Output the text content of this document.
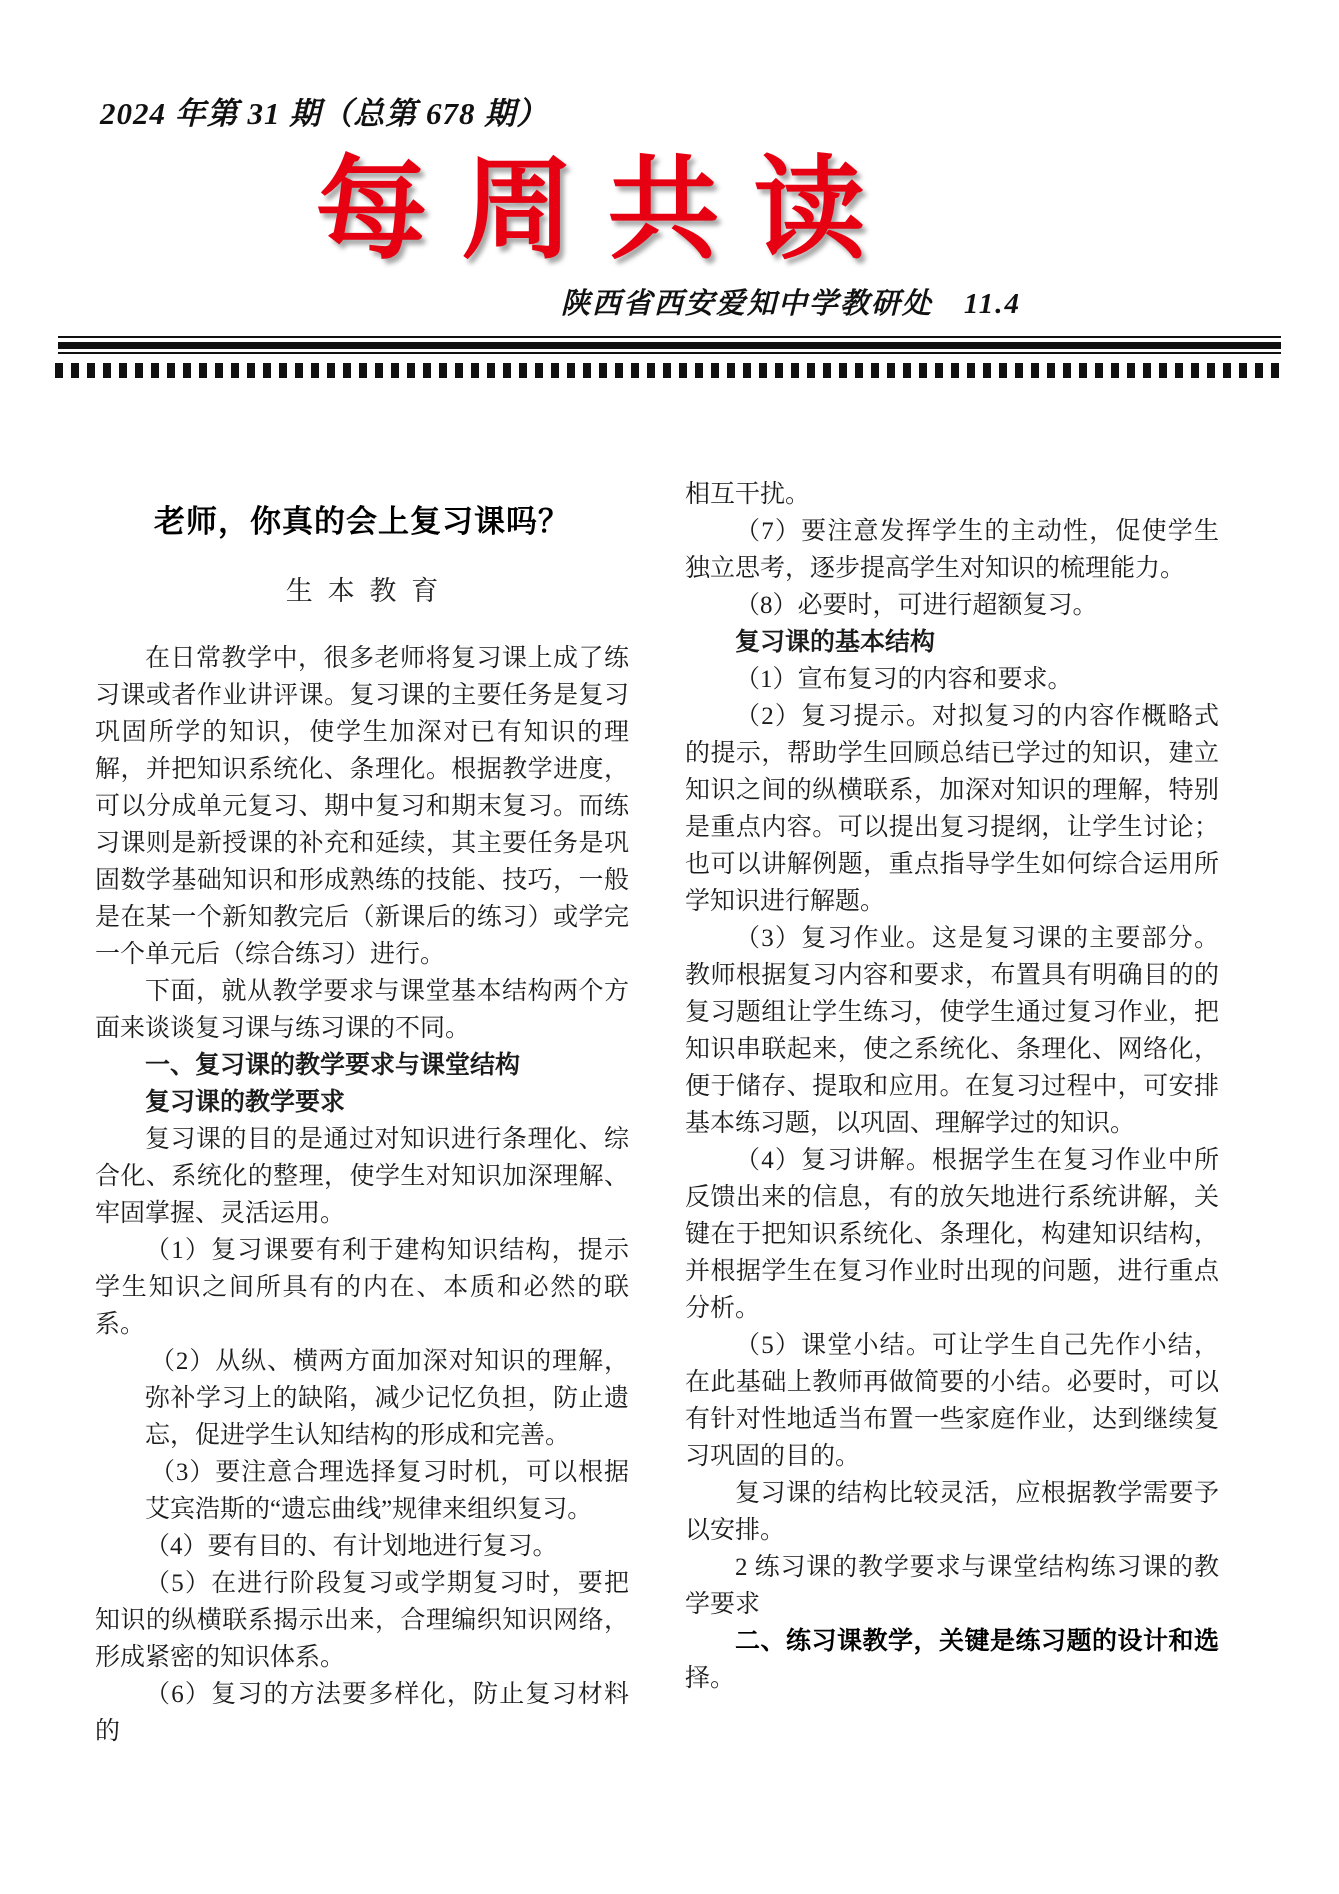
2024 年第 31 期（总第 678 期）
每周共读
陕西省西安爱知中学教研处　11.4
老师，你真的会上复习课吗？
生本教育

在日常教学中，很多老师将复习课上成了练习课或者作业讲评课。复习课的主要任务是复习巩固所学的知识，使学生加深对已有知识的理解，并把知识系统化、条理化。根据教学进度，可以分成单元复习、期中复习和期末复习。而练习课则是新授课的补充和延续，其主要任务是巩固数学基础知识和形成熟练的技能、技巧，一般是在某一个新知教完后（新课后的练习）或学完一个单元后（综合练习）进行。

下面，就从教学要求与课堂基本结构两个方面来谈谈复习课与练习课的不同。

一、复习课的教学要求与课堂结构

复习课的教学要求

复习课的目的是通过对知识进行条理化、综合化、系统化的整理，使学生对知识加深理解、牢固掌握、灵活运用。

（1）复习课要有利于建构知识结构，提示学生知识之间所具有的内在、本质和必然的联系。

（2）从纵、横两方面加深对知识的理解，弥补学习上的缺陷，减少记忆负担，防止遗忘，促进学生认知结构的形成和完善。

（3）要注意合理选择复习时机，可以根据艾宾浩斯的“遗忘曲线”规律来组织复习。

（4）要有目的、有计划地进行复习。

（5）在进行阶段复习或学期复习时，要把知识的纵横联系揭示出来，合理编织知识网络，形成紧密的知识体系。

（6）复习的方法要多样化，防止复习材料的

相互干扰。

（7）要注意发挥学生的主动性，促使学生独立思考，逐步提高学生对知识的梳理能力。

（8）必要时，可进行超额复习。

复习课的基本结构

（1）宣布复习的内容和要求。

（2）复习提示。对拟复习的内容作概略式的提示，帮助学生回顾总结已学过的知识，建立知识之间的纵横联系，加深对知识的理解，特别是重点内容。可以提出复习提纲，让学生讨论；也可以讲解例题，重点指导学生如何综合运用所学知识进行解题。

（3）复习作业。这是复习课的主要部分。教师根据复习内容和要求，布置具有明确目的的复习题组让学生练习，使学生通过复习作业，把知识串联起来，使之系统化、条理化、网络化，便于储存、提取和应用。在复习过程中，可安排基本练习题，以巩固、理解学过的知识。

（4）复习讲解。根据学生在复习作业中所反馈出来的信息，有的放矢地进行系统讲解，关键在于把知识系统化、条理化，构建知识结构，并根据学生在复习作业时出现的问题，进行重点分析。

（5）课堂小结。可让学生自己先作小结，在此基础上教师再做简要的小结。必要时，可以有针对性地适当布置一些家庭作业，达到继续复习巩固的目的。

复习课的结构比较灵活，应根据教学需要予以安排。

2 练习课的教学要求与课堂结构练习课的教学要求

二、练习课教学，关键是练习题的设计和选择。
